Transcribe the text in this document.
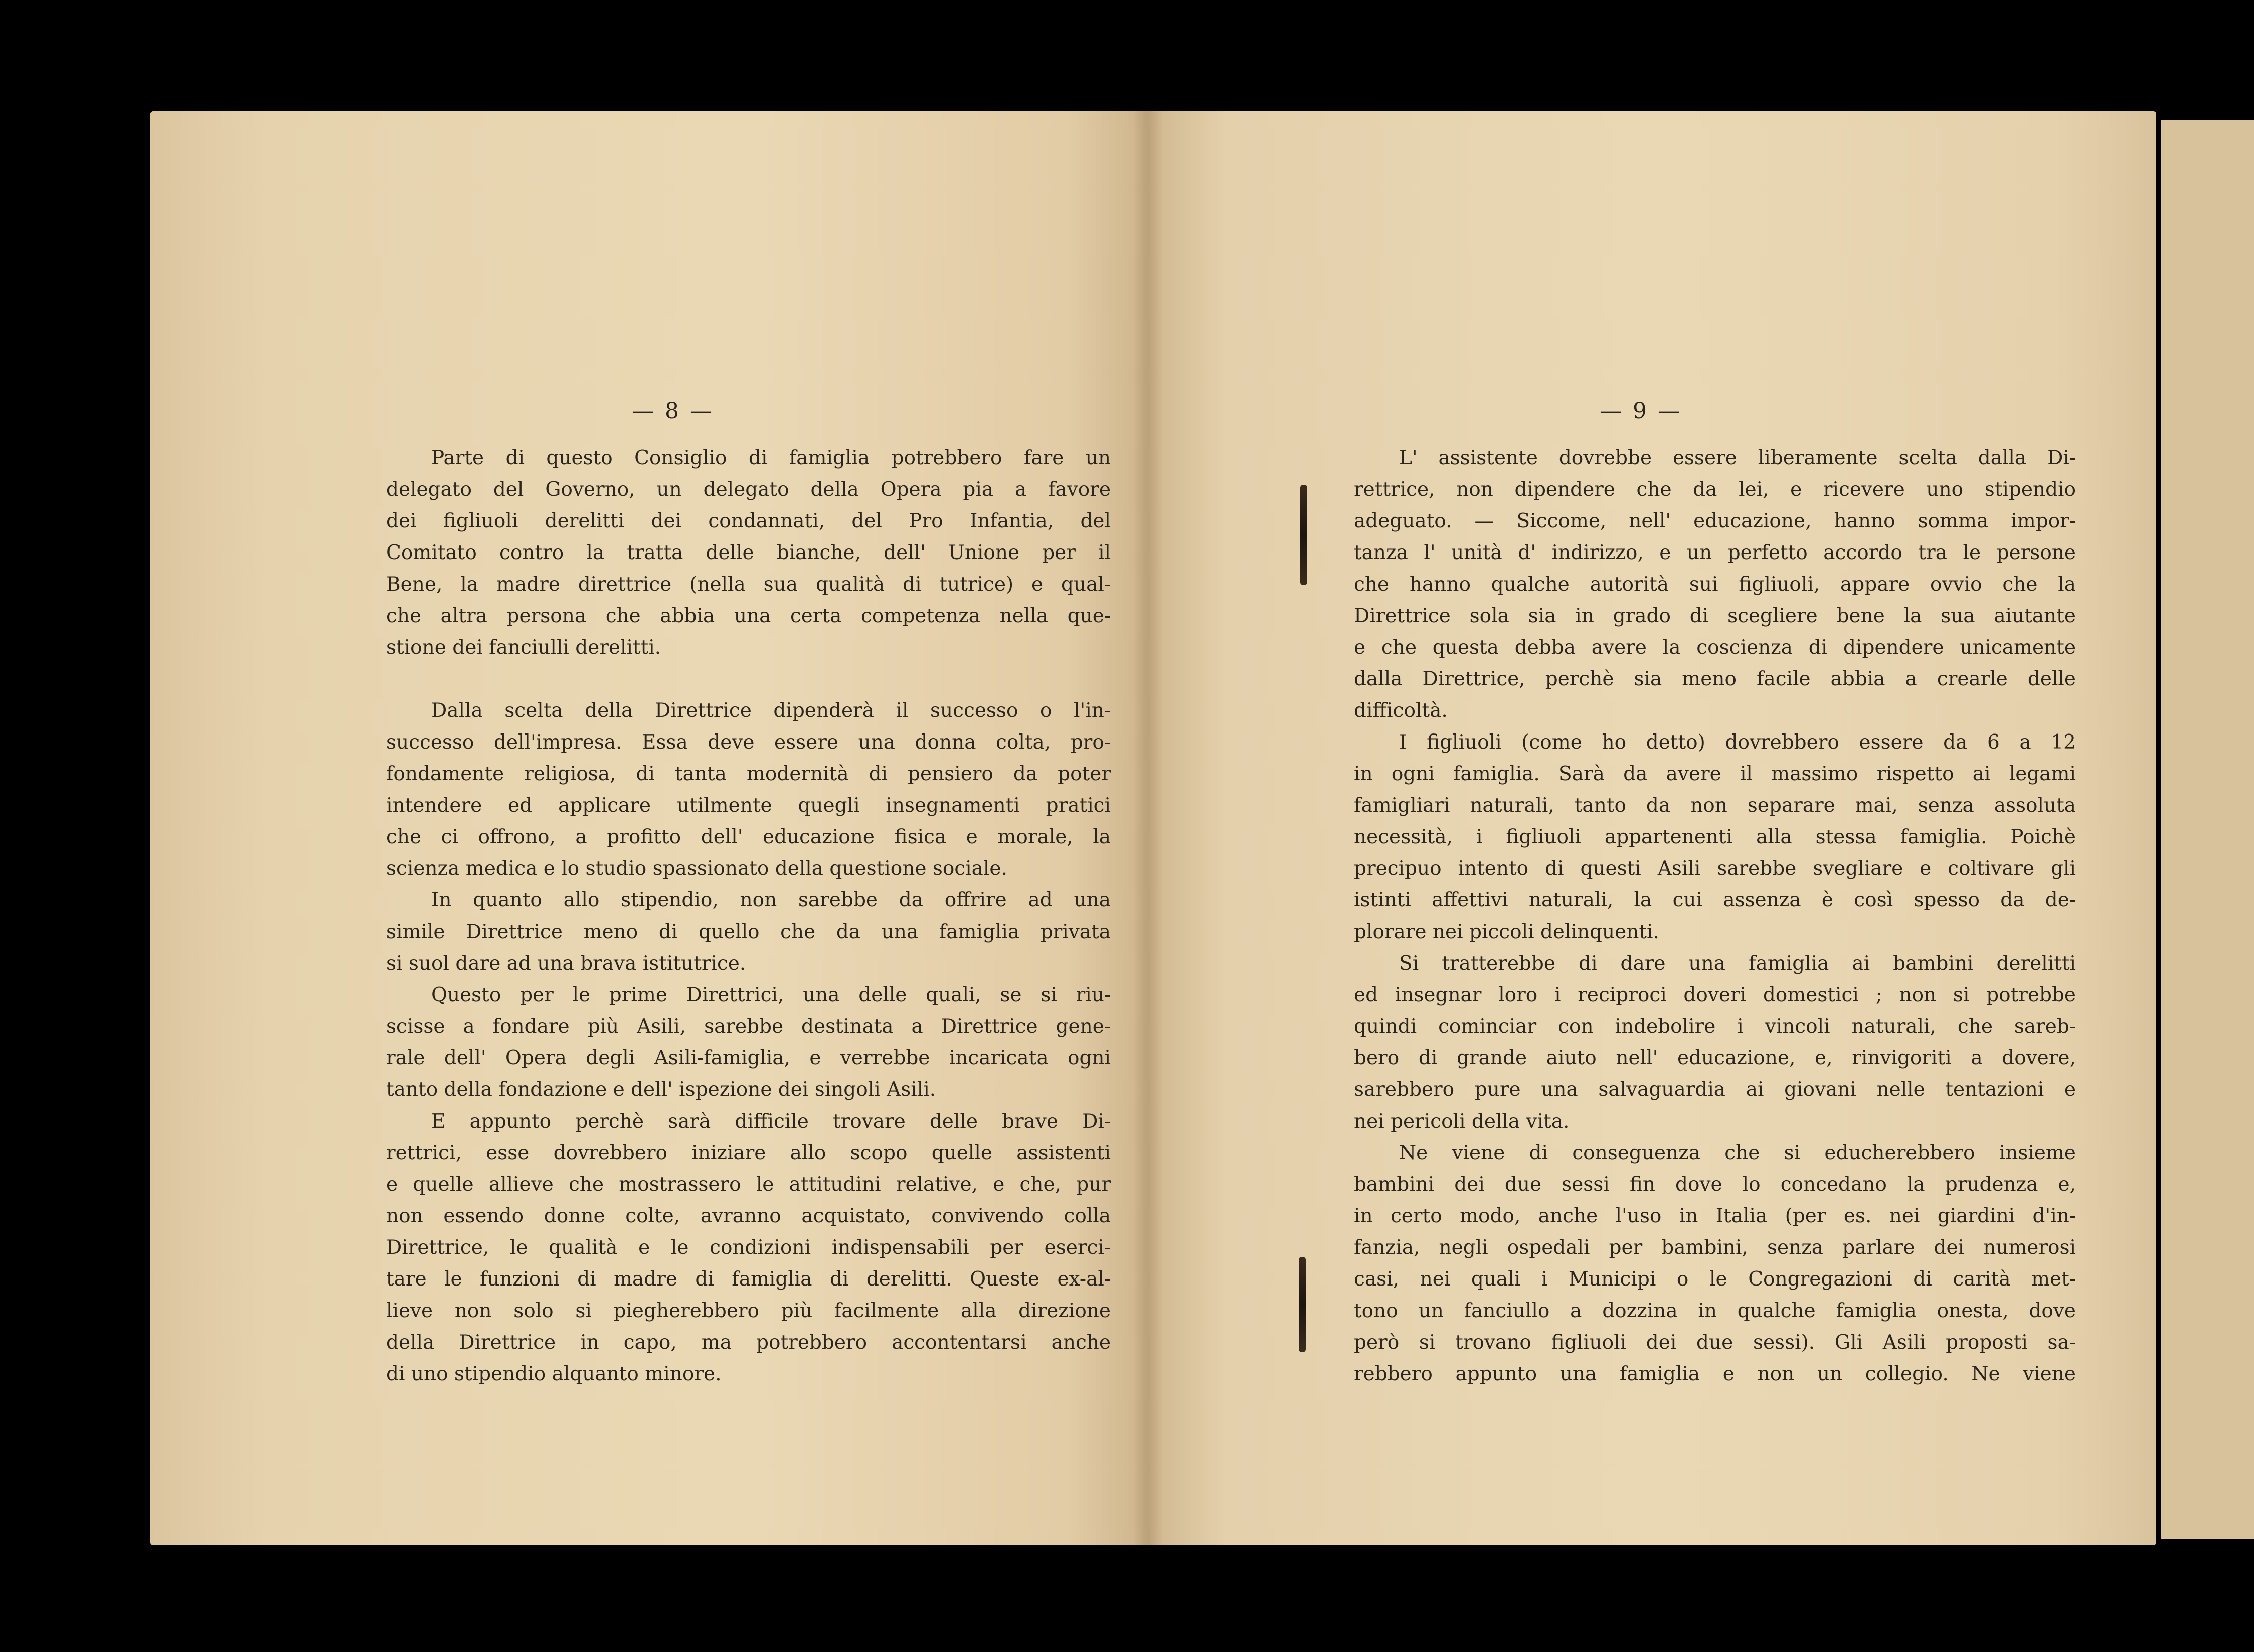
— 8 —	— 9 —
Parte di questo Consiglio di famiglia potrebbero fare un
delegato del Governo, un delegato della Opera pia a favore
dei figliuoli derelitti dei condannati, del Pro Infantia, del
Comitato contro la tratta delle bianche, dell' Unione per il
Bene, la madre direttrice (nella sua qualità di tutrice) e qual-
che altra persona che abbia una certa competenza nella que-
stione dei fanciulli derelitti.
Dalla scelta della Direttrice dipenderà il successo o l'in-
successo dell'impresa. Essa deve essere una donna colta, pro-
fondamente religiosa, di tanta modernità di pensiero da poter
intendere ed applicare utilmente quegli insegnamenti pratici
che ci offrono, a profitto dell' educazione fisica e morale, la
scienza medica e lo studio spassionato della questione sociale.
In quanto allo stipendio, non sarebbe da offrire ad una
simile Direttrice meno di quello che da una famiglia privata
si suol dare ad una brava istitutrice.
Questo per le prime Direttrici, una delle quali, se si riu-
scisse a fondare più Asili, sarebbe destinata a Direttrice gene-
rale dell' Opera degli Asili-famiglia, e verrebbe incaricata ogni
tanto della fondazione e dell' ispezione dei singoli Asili.
E appunto perchè sarà difficile trovare delle brave Di-
rettrici, esse dovrebbero iniziare allo scopo quelle assistenti
e quelle allieve che mostrassero le attitudini relative, e che, pur
non essendo donne colte, avranno acquistato, convivendo colla
Direttrice, le qualità e le condizioni indispensabili per eserci-
tare le funzioni di madre di famiglia di derelitti. Queste ex-al-
lieve non solo si piegherebbero più facilmente alla direzione
della Direttrice in capo, ma potrebbero accontentarsi anche
di uno stipendio alquanto minore.
L' assistente dovrebbe essere liberamente scelta dalla Di-
rettrice, non dipendere che da lei, e ricevere uno stipendio
adeguato. — Siccome, nell' educazione, hanno somma impor-
tanza l' unità d' indirizzo, e un perfetto accordo tra le persone
che hanno qualche autorità sui figliuoli, appare ovvio che la
Direttrice sola sia in grado di scegliere bene la sua aiutante
e che questa debba avere la coscienza di dipendere unicamente
dalla Direttrice, perchè sia meno facile abbia a crearle delle
difficoltà.
I figliuoli (come ho detto) dovrebbero essere da 6 a 12
in ogni famiglia. Sarà da avere il massimo rispetto ai legami
famigliari naturali, tanto da non separare mai, senza assoluta
necessità, i figliuoli appartenenti alla stessa famiglia. Poichè
precipuo intento di questi Asili sarebbe svegliare e coltivare gli
istinti affettivi naturali, la cui assenza è così spesso da de-
plorare nei piccoli delinquenti.
Si tratterebbe di dare una famiglia ai bambini derelitti
ed insegnar loro i reciproci doveri domestici ; non si potrebbe
quindi cominciar con indebolire i vincoli naturali, che sareb-
bero di grande aiuto nell' educazione, e, rinvigoriti a dovere,
sarebbero pure una salvaguardia ai giovani nelle tentazioni e
nei pericoli della vita.
Ne viene di conseguenza che si educherebbero insieme
bambini dei due sessi fin dove lo concedano la prudenza e,
in certo modo, anche l'uso in Italia (per es. nei giardini d'in-
fanzia, negli ospedali per bambini, senza parlare dei numerosi
casi, nei quali i Municipi o le Congregazioni di carità met-
tono un fanciullo a dozzina in qualche famiglia onesta, dove
però si trovano figliuoli dei due sessi). Gli Asili proposti sa-
rebbero appunto una famiglia e non un collegio. Ne viene
